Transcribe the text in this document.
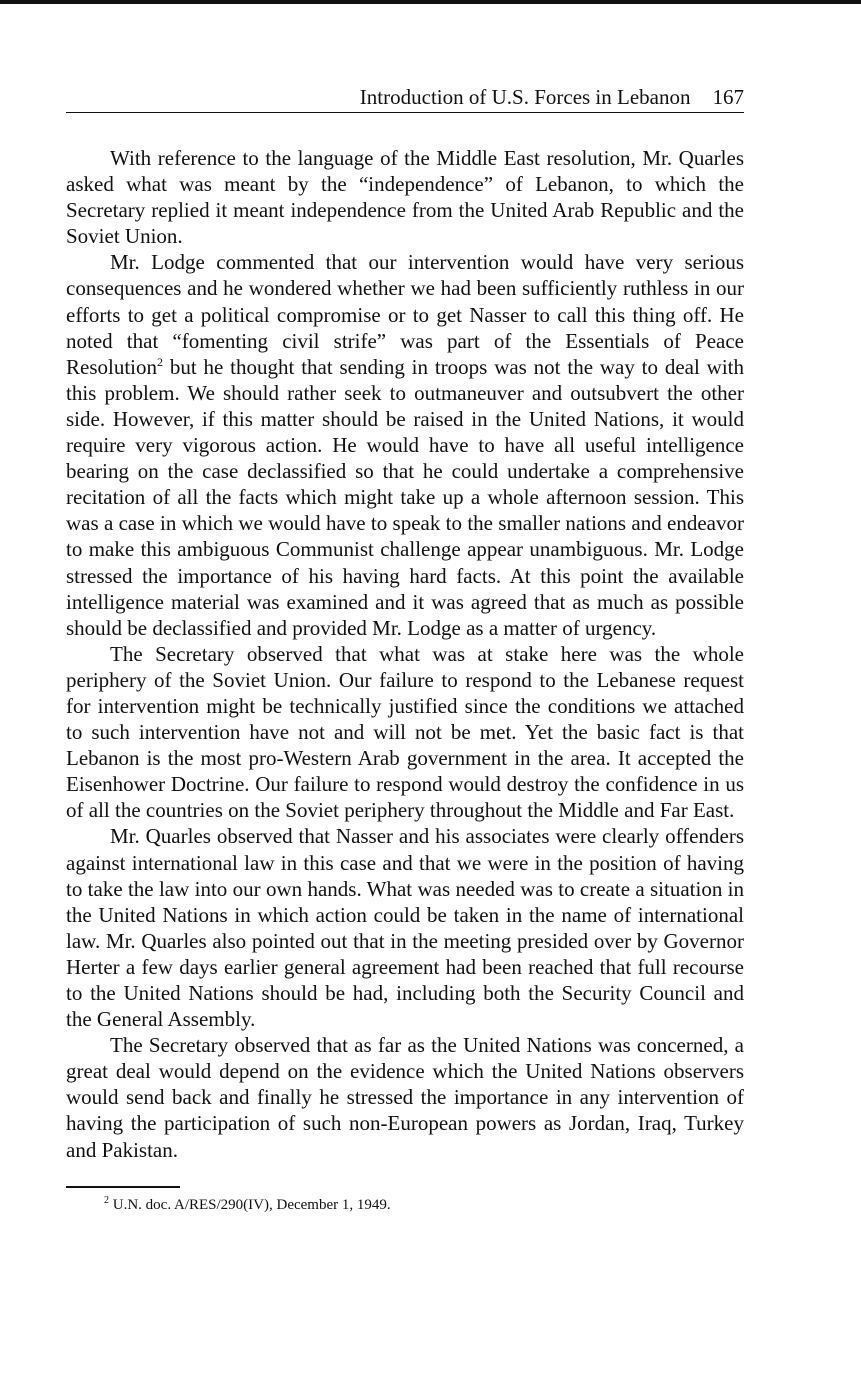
Introduction of U.S. Forces in Lebanon 167

With reference to the language of the Middle East resolution, Mr. Quarles asked what was meant by the “independence” of Lebanon, to which the Secretary replied it meant independence from the United Arab Republic and the Soviet Union.

Mr. Lodge commented that our intervention would have very serious consequences and he wondered whether we had been sufficiently ruthless in our efforts to get a political compromise or to get Nasser to call this thing off. He noted that “fomenting civil strife” was part of the Essentials of Peace Resolution$^2$ but he thought that sending in troops was not the way to deal with this problem. We should rather seek to outmaneuver and outsubvert the other side. However, if this matter should be raised in the United Nations, it would require very vigorous action. He would have to have all useful intelligence bearing on the case declassified so that he could undertake a comprehensive recitation of all the facts which might take up a whole afternoon session. This was a case in which we would have to speak to the smaller nations and endeavor to make this ambiguous Communist challenge appear unambiguous. Mr. Lodge stressed the importance of his having hard facts. At this point the available intelligence material was examined and it was agreed that as much as possible should be declassified and provided Mr. Lodge as a matter of urgency.

The Secretary observed that what was at stake here was the whole periphery of the Soviet Union. Our failure to respond to the Lebanese request for intervention might be technically justified since the conditions we attached to such intervention have not and will not be met. Yet the basic fact is that Lebanon is the most pro-Western Arab government in the area. It accepted the Eisenhower Doctrine. Our failure to respond would destroy the confidence in us of all the countries on the Soviet periphery throughout the Middle and Far East.

Mr. Quarles observed that Nasser and his associates were clearly offenders against international law in this case and that we were in the position of having to take the law into our own hands. What was needed was to create a situation in the United Nations in which action could be taken in the name of international law. Mr. Quarles also pointed out that in the meeting presided over by Governor Herter a few days earlier general agreement had been reached that full recourse to the United Nations should be had, including both the Security Council and the General Assembly.

The Secretary observed that as far as the United Nations was concerned, a great deal would depend on the evidence which the United Nations observers would send back and finally he stressed the importance in any intervention of having the participation of such non-European powers as Jordan, Iraq, Turkey and Pakistan.

$^2$ U.N. doc. A/RES/290(IV), December 1, 1949.
